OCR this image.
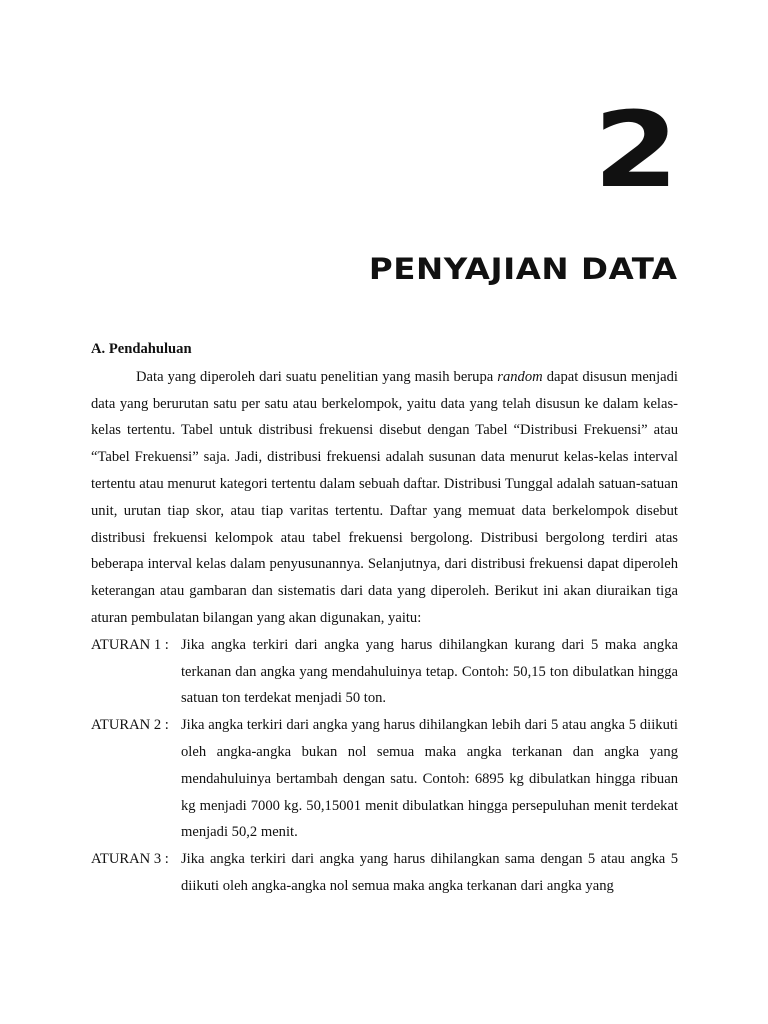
2
PENYAJIAN DATA
A. Pendahuluan

Data yang diperoleh dari suatu penelitian yang masih berupa random dapat disusun menjadi data yang berurutan satu per satu atau berkelompok, yaitu data yang telah disusun ke dalam kelas-kelas tertentu. Tabel untuk distribusi frekuensi disebut dengan Tabel “Distribusi Frekuensi” atau “Tabel Frekuensi” saja. Jadi, distribusi frekuensi adalah susunan data menurut kelas-kelas interval tertentu atau menurut kategori tertentu dalam sebuah daftar. Distribusi Tunggal adalah satuan-satuan unit, urutan tiap skor, atau tiap varitas tertentu. Daftar yang memuat data berkelompok disebut distribusi frekuensi kelompok atau tabel frekuensi bergolong. Distribusi bergolong terdiri atas beberapa interval kelas dalam penyusunannya. Selanjutnya, dari distribusi frekuensi dapat diperoleh keterangan atau gambaran dan sistematis dari data yang diperoleh. Berikut ini akan diuraikan tiga aturan pembulatan bilangan yang akan digunakan, yaitu:

ATURAN 1 : Jika angka terkiri dari angka yang harus dihilangkan kurang dari 5 maka angka terkanan dan angka yang mendahuluinya tetap. Contoh: 50,15 ton dibulatkan hingga satuan ton terdekat menjadi 50 ton.
ATURAN 2 : Jika angka terkiri dari angka yang harus dihilangkan lebih dari 5 atau angka 5 diikuti oleh angka-angka bukan nol semua maka angka terkanan dan angka yang mendahuluinya bertambah dengan satu. Contoh: 6895 kg dibulatkan hingga ribuan kg menjadi 7000 kg. 50,15001 menit dibulatkan hingga persepuluhan menit terdekat menjadi 50,2 menit.
ATURAN 3 : Jika angka terkiri dari angka yang harus dihilangkan sama dengan 5 atau angka 5 diikuti oleh angka-angka nol semua maka angka terkanan dari angka yang
